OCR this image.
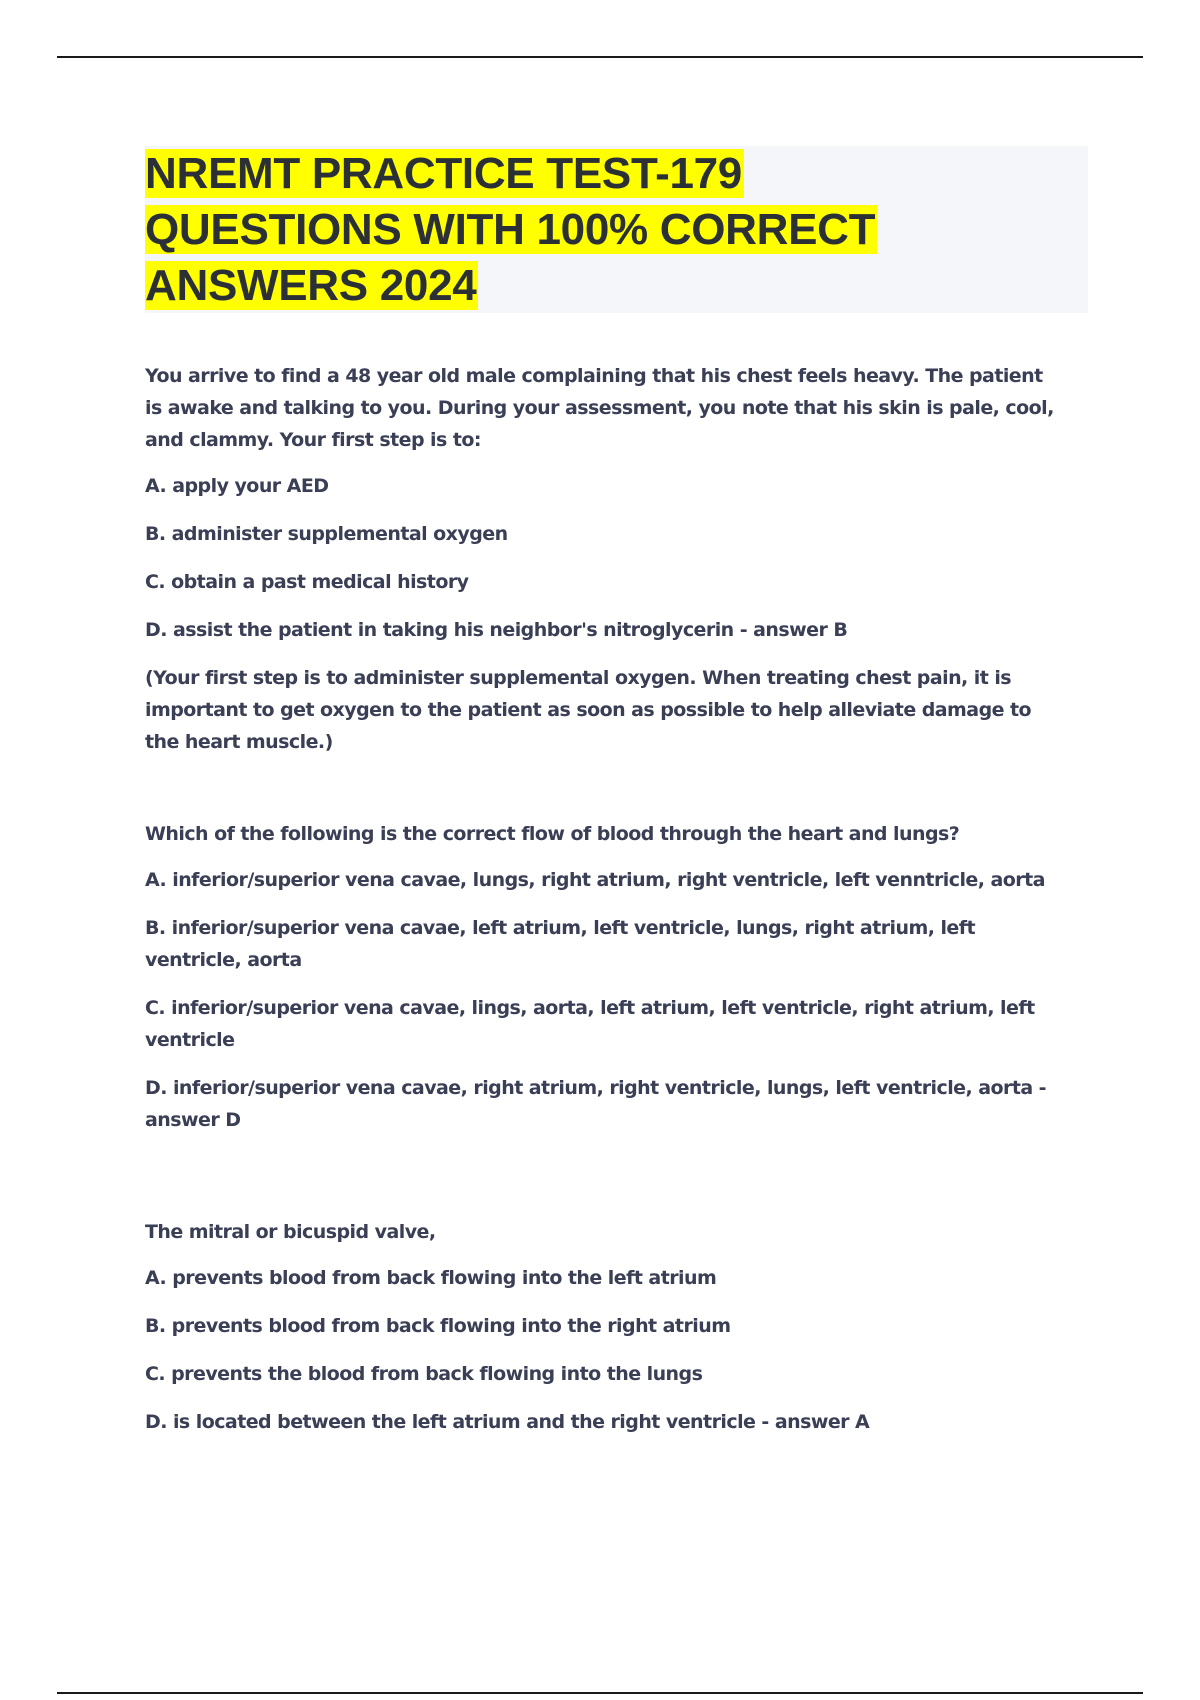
NREMT PRACTICE TEST-179
QUESTIONS WITH 100% CORRECT
ANSWERS 2024

You arrive to find a 48 year old male complaining that his chest feels heavy. The patient is awake and talking to you. During your assessment, you note that his skin is pale, cool, and clammy. Your first step is to:

A. apply your AED

B. administer supplemental oxygen

C. obtain a past medical history

D. assist the patient in taking his neighbor's nitroglycerin - answer B

(Your first step is to administer supplemental oxygen. When treating chest pain, it is important to get oxygen to the patient as soon as possible to help alleviate damage to the heart muscle.)

Which of the following is the correct flow of blood through the heart and lungs?

A. inferior/superior vena cavae, lungs, right atrium, right ventricle, left venntricle, aorta

B. inferior/superior vena cavae, left atrium, left ventricle, lungs, right atrium, left ventricle, aorta

C. inferior/superior vena cavae, lings, aorta, left atrium, left ventricle, right atrium, left ventricle

D. inferior/superior vena cavae, right atrium, right ventricle, lungs, left ventricle, aorta - answer D

The mitral or bicuspid valve,

A. prevents blood from back flowing into the left atrium

B. prevents blood from back flowing into the right atrium

C. prevents the blood from back flowing into the lungs

D. is located between the left atrium and the right ventricle - answer A
